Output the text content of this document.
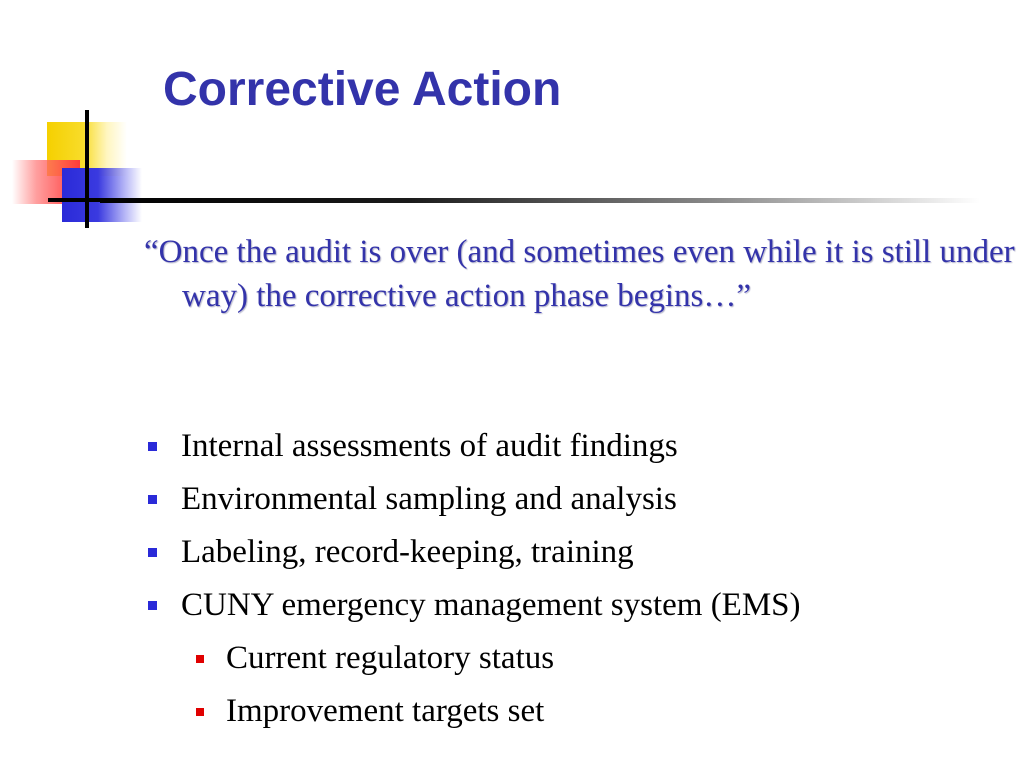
Corrective Action

“Once the audit is over (and sometimes even while it is still under way) the corrective action phase begins…”

Internal assessments of audit findings
Environmental sampling and analysis
Labeling, record-keeping, training
CUNY emergency management system (EMS)
Current regulatory status
Improvement targets set
